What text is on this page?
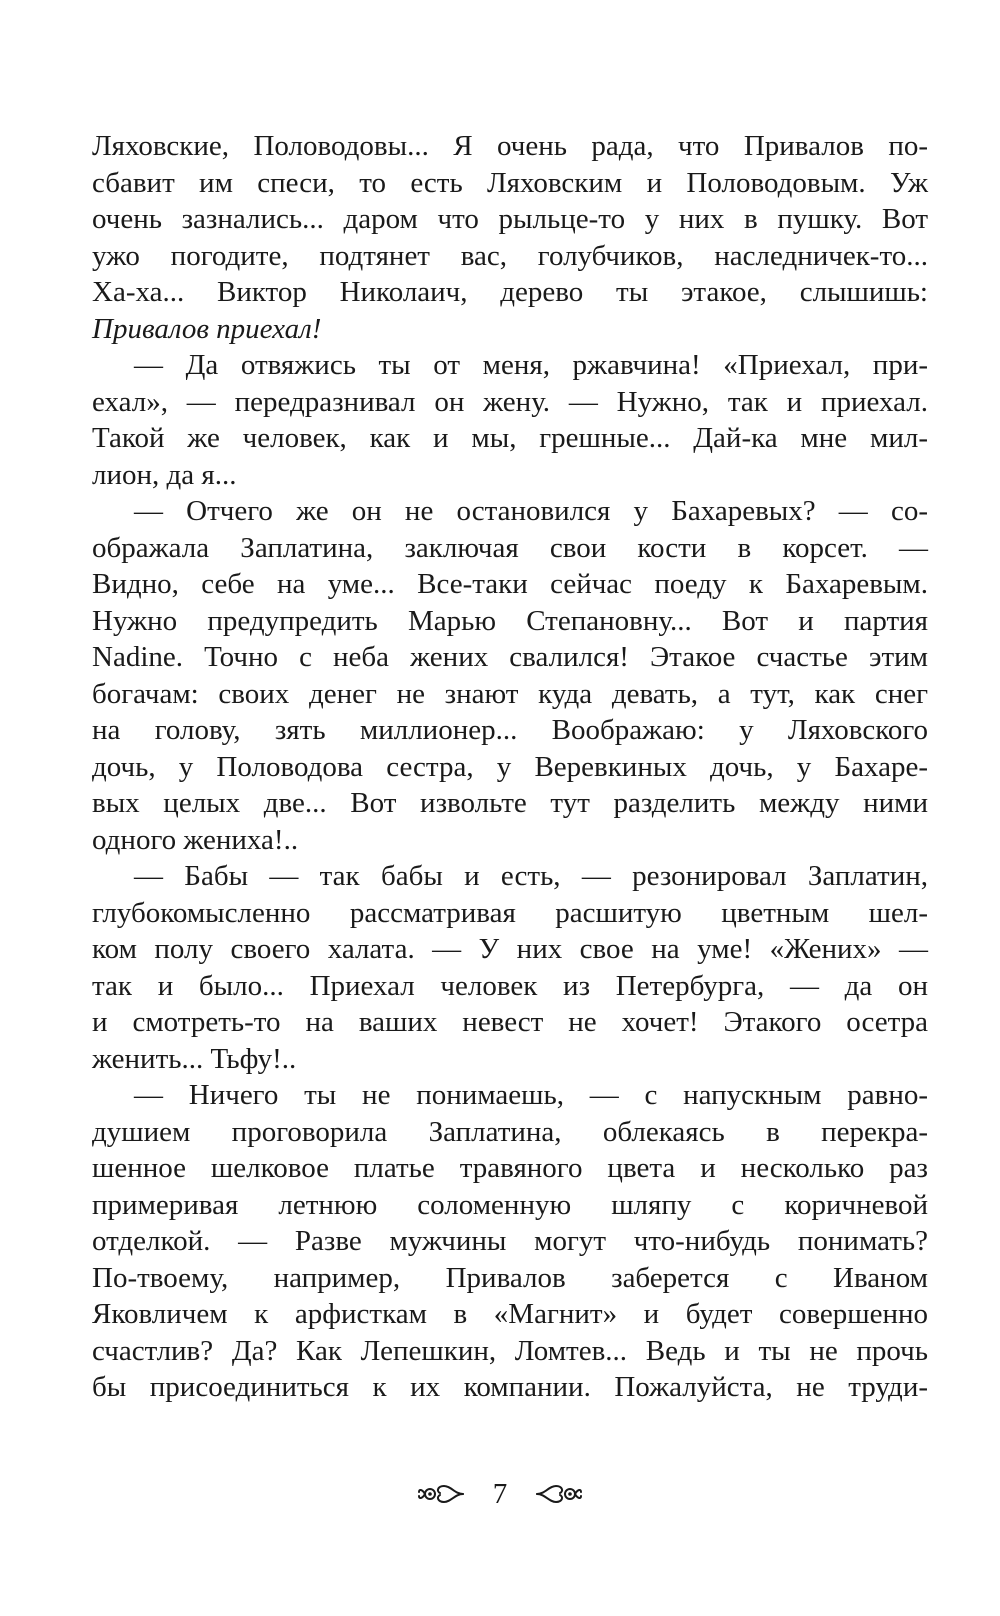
Ляховские, Половодовы... Я очень рада, что Привалов по-
сбавит им спеси, то есть Ляховским и Половодовым. Уж
очень зазнались... даром что рыльце-то у них в пушку. Вот
ужо погодите, подтянет вас, голубчиков, наследничек-то...
Ха-ха... Виктор Николаич, дерево ты этакое, слышишь:
Привалов приехал!
— Да отвяжись ты от меня, ржавчина! «Приехал, при-
ехал», — передразнивал он жену. — Нужно, так и приехал.
Такой же человек, как и мы, грешные... Дай-ка мне мил-
лион, да я...
— Отчего же он не остановился у Бахаревых? — со-
ображала Заплатина, заключая свои кости в корсет. —
Видно, себе на уме... Все-таки сейчас поеду к Бахаревым.
Нужно предупредить Марью Степановну... Вот и партия
Nadine. Точно с неба жених свалился! Этакое счастье этим
богачам: своих денег не знают куда девать, а тут, как снег
на голову, зять миллионер... Воображаю: у Ляховского
дочь, у Половодова сестра, у Веревкиных дочь, у Бахаре-
вых целых две... Вот извольте тут разделить между ними
одного жениха!..
— Бабы — так бабы и есть, — резонировал Заплатин,
глубокомысленно рассматривая расшитую цветным шел-
ком полу своего халата. — У них свое на уме! «Жених» —
так и было... Приехал человек из Петербурга, — да он
и смотреть-то на ваших невест не хочет! Этакого осетра
женить... Тьфу!..
— Ничего ты не понимаешь, — с напускным равно-
душием проговорила Заплатина, облекаясь в перекра-
шенное шелковое платье травяного цвета и несколько раз
примеривая летнюю соломенную шляпу с коричневой
отделкой. — Разве мужчины могут что-нибудь понимать?
По-твоему, например, Привалов заберется с Иваном
Яковличем к арфисткам в «Магнит» и будет совершенно
счастлив? Да? Как Лепешкин, Ломтев... Ведь и ты не прочь
бы присоединиться к их компании. Пожалуйста, не труди-
7
